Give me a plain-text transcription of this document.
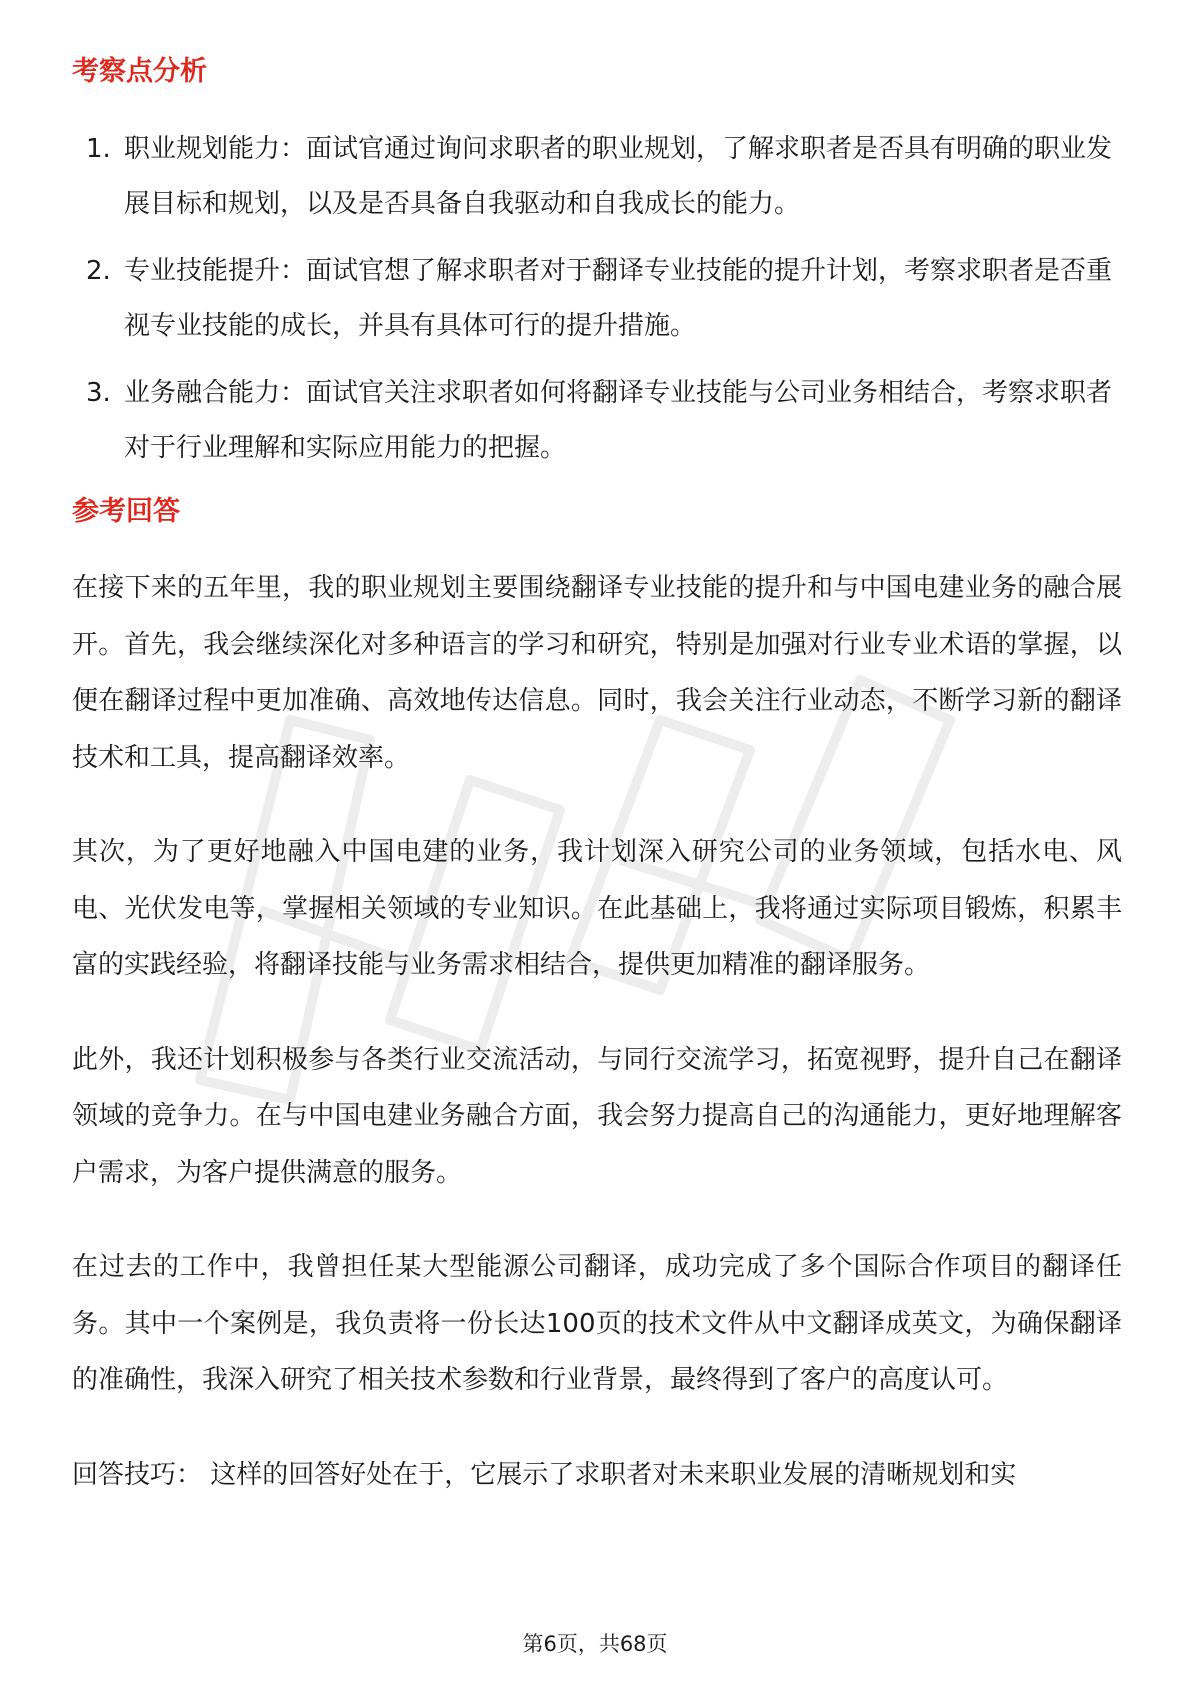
考察点分析
1. 职业规划能力：面试官通过询问求职者的职业规划，了解求职者是否具有明确的职业发展目标和规划，以及是否具备自我驱动和自我成长的能力。
2. 专业技能提升：面试官想了解求职者对于翻译专业技能的提升计划，考察求职者是否重视专业技能的成长，并具有具体可行的提升措施。
3. 业务融合能力：面试官关注求职者如何将翻译专业技能与公司业务相结合，考察求职者对于行业理解和实际应用能力的把握。
参考回答

在接下来的五年里，我的职业规划主要围绕翻译专业技能的提升和与中国电建业务的融合展开。首先，我会继续深化对多种语言的学习和研究，特别是加强对行业专业术语的掌握，以便在翻译过程中更加准确、高效地传达信息。同时，我会关注行业动态，不断学习新的翻译技术和工具，提高翻译效率。

其次，为了更好地融入中国电建的业务，我计划深入研究公司的业务领域，包括水电、风电、光伏发电等，掌握相关领域的专业知识。在此基础上，我将通过实际项目锻炼，积累丰富的实践经验，将翻译技能与业务需求相结合，提供更加精准的翻译服务。

此外，我还计划积极参与各类行业交流活动，与同行交流学习，拓宽视野，提升自己在翻译领域的竞争力。在与中国电建业务融合方面，我会努力提高自己的沟通能力，更好地理解客户需求，为客户提供满意的服务。

在过去的工作中，我曾担任某大型能源公司翻译，成功完成了多个国际合作项目的翻译任务。其中一个案例是，我负责将一份长达100页的技术文件从中文翻译成英文，为确保翻译的准确性，我深入研究了相关技术参数和行业背景，最终得到了客户的高度认可。

回答技巧： 这样的回答好处在于，它展示了求职者对未来职业发展的清晰规划和实

第6页，共68页
